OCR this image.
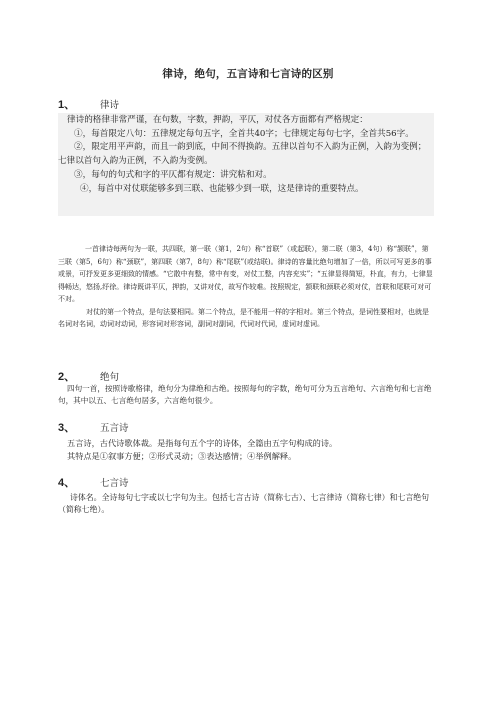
律诗，绝句，五言诗和七言诗的区别
1、	律诗

律诗的格律非常严谨，在句数，字数，押韵，平仄，对仗各方面都有严格规定：

①，每首限定八句：五律规定每句五字，全首共40字；七律规定每句七字，全首共56字。

②，限定用平声韵，而且一韵到底，中间不得换韵。五律以首句不入韵为正例，入韵为变例；七律以首句入韵为正例，不入韵为变例。

③，每句的句式和字的平仄都有规定：讲究粘和对。

④，每首中对仗联能够多到三联、也能够少到一联，这是律诗的重要特点。

一首律诗每两句为一联，共四联，第一联（第1，2句）称“首联”（或起联），第二联（第3，4句）称“颔联”，第三联（第5，6句）称“颈联”，第四联（第7，8句）称“尾联”(或结联)。律诗的容量比绝句增加了一倍，所以可写更多的事或景，可抒发更多更细致的情感。“它散中有整，常中有变，对仗工整，内容充实”；“五律显得简短，朴直，有力，七律显得畅达，悠扬,纾徐。律诗既讲平仄，押韵，又讲对仗，故写作较难。按照规定，颔联和颈联必须对仗，首联和尾联可对可不对。

对仗的第一个特点，是句法要相同。第二个特点，是不能用一样的字相对。第三个特点，是词性要相对，也就是名词对名词，动词对动词，形容词对形容词，副词对副词，代词对代词，虚词对虚词。

2、	绝句

四句一首，按照诗歌格律，绝句分为律绝和古绝。按照每句的字数，绝句可分为五言绝句、六言绝句和七言绝句，其中以五、七言绝句居多，六言绝句很少。

3、	五言诗

五言诗，古代诗歌体裁。是指每句五个字的诗体，全篇由五字句构成的诗。

其特点是①叙事方便；②形式灵动；③表达感情；④举例解释。

4、	七言诗

诗体名。全诗每句七字或以七字句为主。包括七言古诗（简称七古）、七言律诗（简称七律）和七言绝句（简称七绝）。
